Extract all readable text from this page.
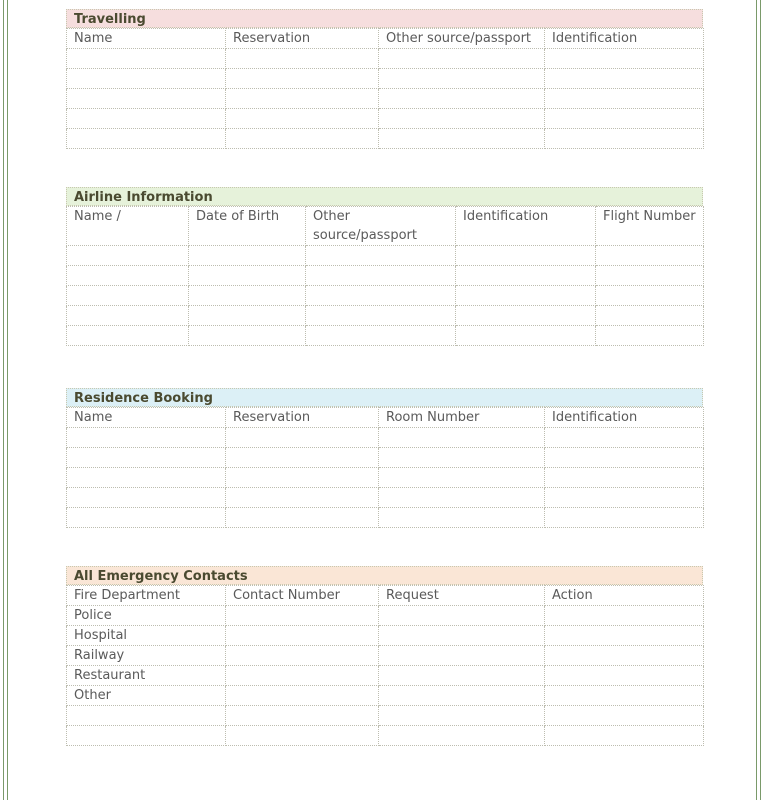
Travelling
Name	Reservation	Other source/passport	Identification

Airline Information
Name /	Date of Birth	Other source/passport	Identification	Flight Number

Residence Booking
Name	Reservation	Room Number	Identification

All Emergency Contacts
Fire Department	Contact Number	Request	Action
Police			
Hospital			
Railway			
Restaurant			
Other			
